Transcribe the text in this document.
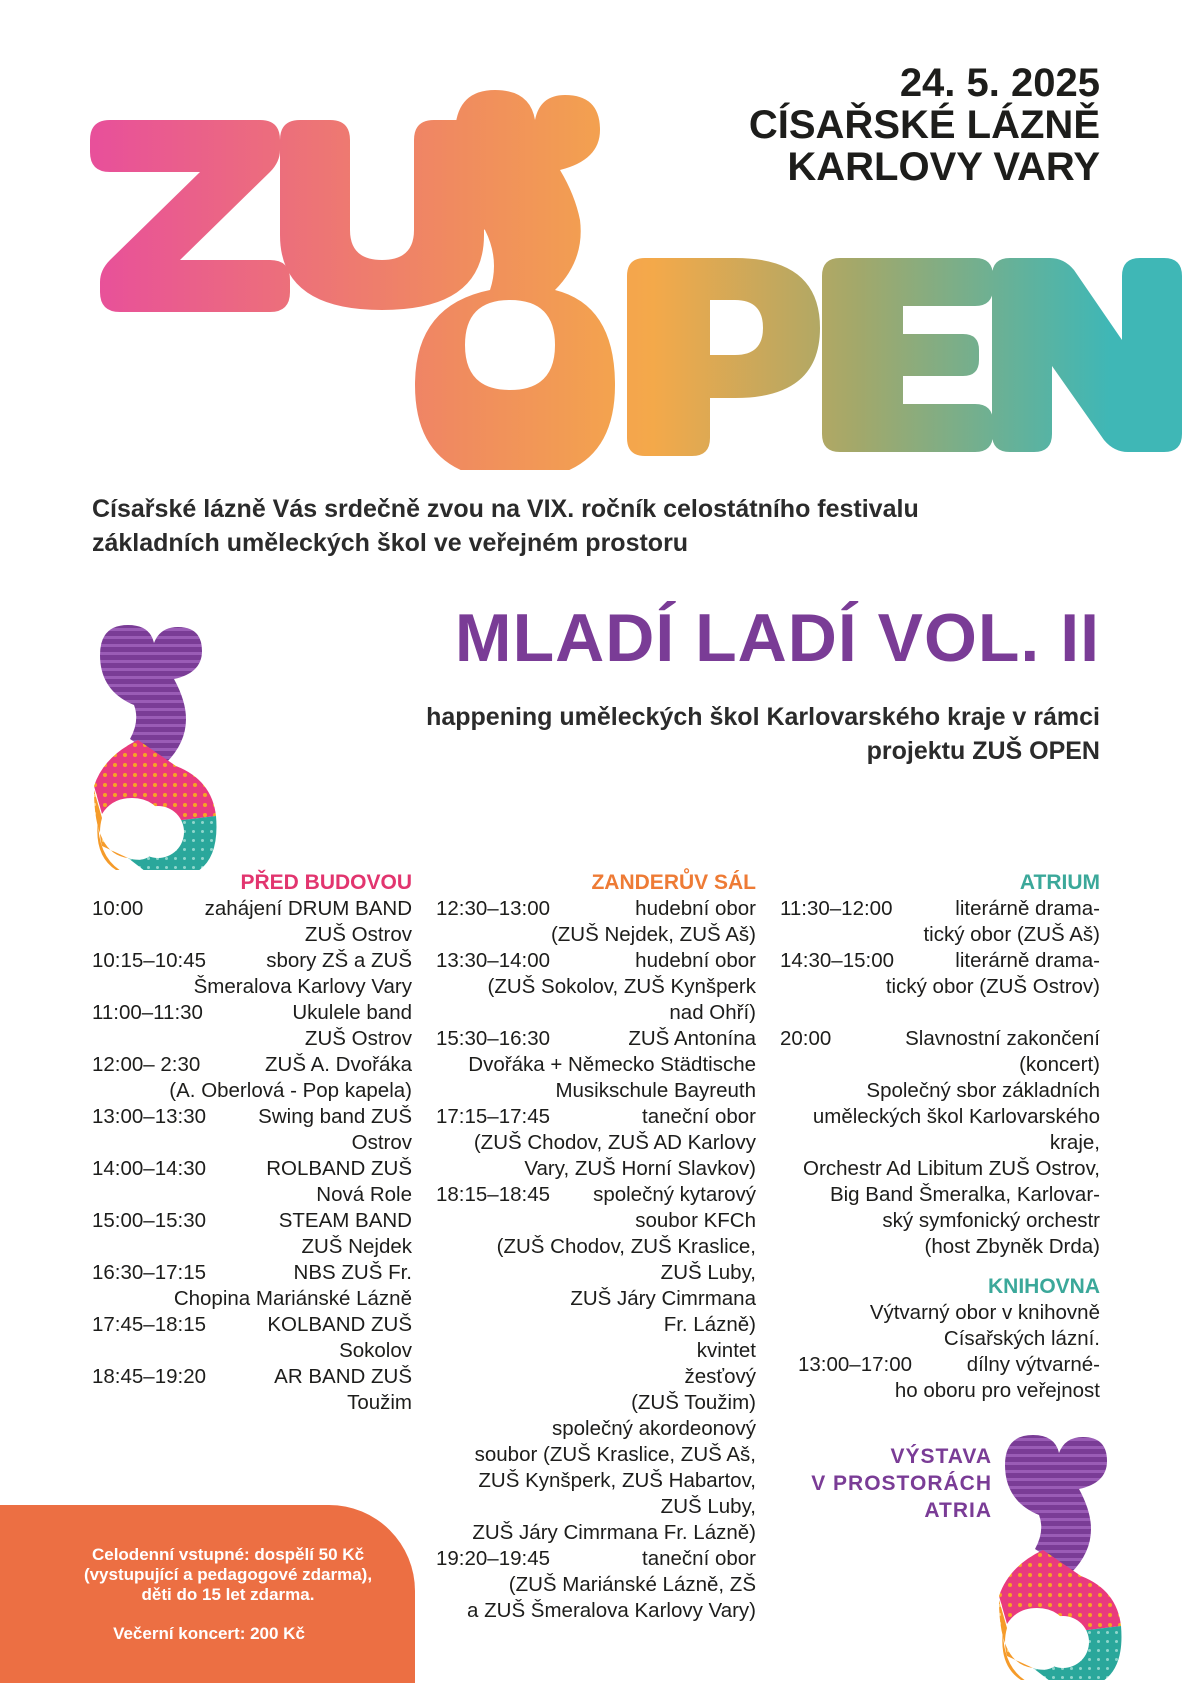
24. 5. 2025
CÍSAŘSKÉ LÁZNĚ
KARLOVY VARY
Císařské lázně Vás srdečně zvou na VIX. ročník celostátního festivalu
základních uměleckých škol ve veřejném prostoru
MLADÍ LADÍ VOL. II
happening uměleckých škol Karlovarského kraje v rámci
projektu ZUŠ OPEN
PŘED BUDOVOU
10:00	zahájení DRUM BAND
ZUŠ Ostrov
10:15–10:45	sbory ZŠ a ZUŠ
Šmeralova Karlovy Vary
11:00–11:30	Ukulele band
ZUŠ Ostrov
12:00– 2:30	ZUŠ A. Dvořáka
(A. Oberlová - Pop kapela)
13:00–13:30	Swing band ZUŠ
Ostrov
14:00–14:30	ROLBAND ZUŠ
Nová Role
15:00–15:30	STEAM BAND
ZUŠ Nejdek
16:30–17:15	NBS ZUŠ Fr.
Chopina Mariánské Lázně
17:45–18:15	KOLBAND ZUŠ
Sokolov
18:45–19:20	AR BAND ZUŠ
Toužim
ZANDERŮV SÁL
12:30–13:00	hudební obor
(ZUŠ Nejdek, ZUŠ Aš)
13:30–14:00	hudební obor
(ZUŠ Sokolov, ZUŠ Kynšperk
nad Ohří)
15:30–16:30	ZUŠ Antonína
Dvořáka + Německo Städtische
Musikschule Bayreuth
17:15–17:45	taneční obor
(ZUŠ Chodov, ZUŠ AD Karlovy
Vary, ZUŠ Horní Slavkov)
18:15–18:45 společný kytarový
soubor KFCh
(ZUŠ Chodov, ZUŠ Kraslice,
ZUŠ Luby,
ZUŠ Járy Cimrmana
Fr. Lázně)
kvintet
žesťový
(ZUŠ Toužim)
společný akordeonový
soubor (ZUŠ Kraslice, ZUŠ Aš,
ZUŠ Kynšperk, ZUŠ Habartov,
ZUŠ Luby,
ZUŠ Járy Cimrmana Fr. Lázně)
19:20–19:45	taneční obor
(ZUŠ Mariánské Lázně, ZŠ
a ZUŠ Šmeralova Karlovy Vary)
ATRIUM
11:30–12:00	literárně drama-
tický obor (ZUŠ Aš)
14:30–15:00	literárně drama-
tický obor (ZUŠ Ostrov)
20:00	Slavnostní zakončení
(koncert)
Společný sbor základních
uměleckých škol Karlovarského
kraje,
Orchestr Ad Libitum ZUŠ Ostrov,
Big Band Šmeralka, Karlovar-
ský symfonický orchestr
(host Zbyněk Drda)
KNIHOVNA
Výtvarný obor v knihovně
Císařských lázní.
13:00–17:00	dílny výtvarné-
ho oboru pro veřejnost
VÝSTAVA
V PROSTORÁCH
ATRIA
Celodenní vstupné: dospělí 50 Kč
(vystupující a pedagogové zdarma),
děti do 15 let zdarma.
Večerní koncert: 200 Kč
